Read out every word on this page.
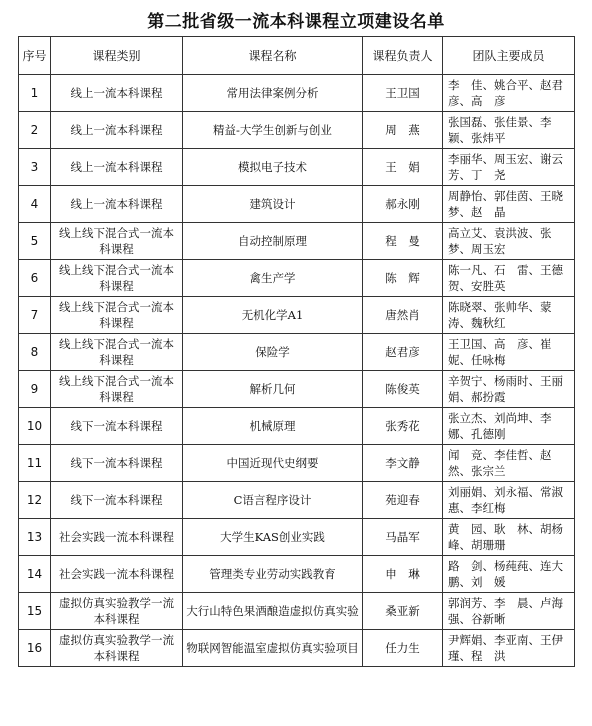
第二批省级一流本科课程立项建设名单
序号	课程类别	课程名称	课程负责人	团队主要成员
1	线上一流本科课程	常用法律案例分析	王卫国	李　佳、姚合平、赵君彦、高　彦
2	线上一流本科课程	精益-大学生创新与创业	周　燕	张国磊、张佳景、李　颖、张炜平
3	线上一流本科课程	模拟电子技术	王　娟	李丽华、周玉宏、谢云芳、丁　尧
4	线上一流本科课程	建筑设计	郝永刚	周静怡、郭佳茵、王晓梦、赵　晶
5	线上线下混合式一流本科课程	自动控制原理	程　曼	高立艾、袁洪波、张　梦、周玉宏
6	线上线下混合式一流本科课程	禽生产学	陈　辉	陈一凡、石　雷、王德贺、安胜英
7	线上线下混合式一流本科课程	无机化学A1	唐然肖	陈晓翠、张帅华、蒙　涛、魏秋红
8	线上线下混合式一流本科课程	保险学	赵君彦	王卫国、高　彦、崔　妮、任咏梅
9	线上线下混合式一流本科课程	解析几何	陈俊英	辛贺宁、杨雨时、王丽娟、郝扮霞
10	线下一流本科课程	机械原理	张秀花	张立杰、刘尚坤、李　娜、孔德刚
11	线下一流本科课程	中国近现代史纲要	李文静	闻　竞、李佳哲、赵　然、张宗兰
12	线下一流本科课程	C语言程序设计	苑迎春	刘丽娟、刘永福、常淑惠、李红梅
13	社会实践一流本科课程	大学生KAS创业实践	马晶军	黄　园、耿　林、胡杨峰、胡珊珊
14	社会实践一流本科课程	管理类专业劳动实践教育	申　琳	路　剑、杨莼莼、连大鹏、刘　媛
15	虚拟仿真实验教学一流本科课程	大行山特色果酒酿造虚拟仿真实验	桑亚新	郭润芳、李　晨、卢海强、谷新晰
16	虚拟仿真实验教学一流本科课程	物联网智能温室虚拟仿真实验项目	任力生	尹辉娟、李亚南、王伊瑾、程　洪
